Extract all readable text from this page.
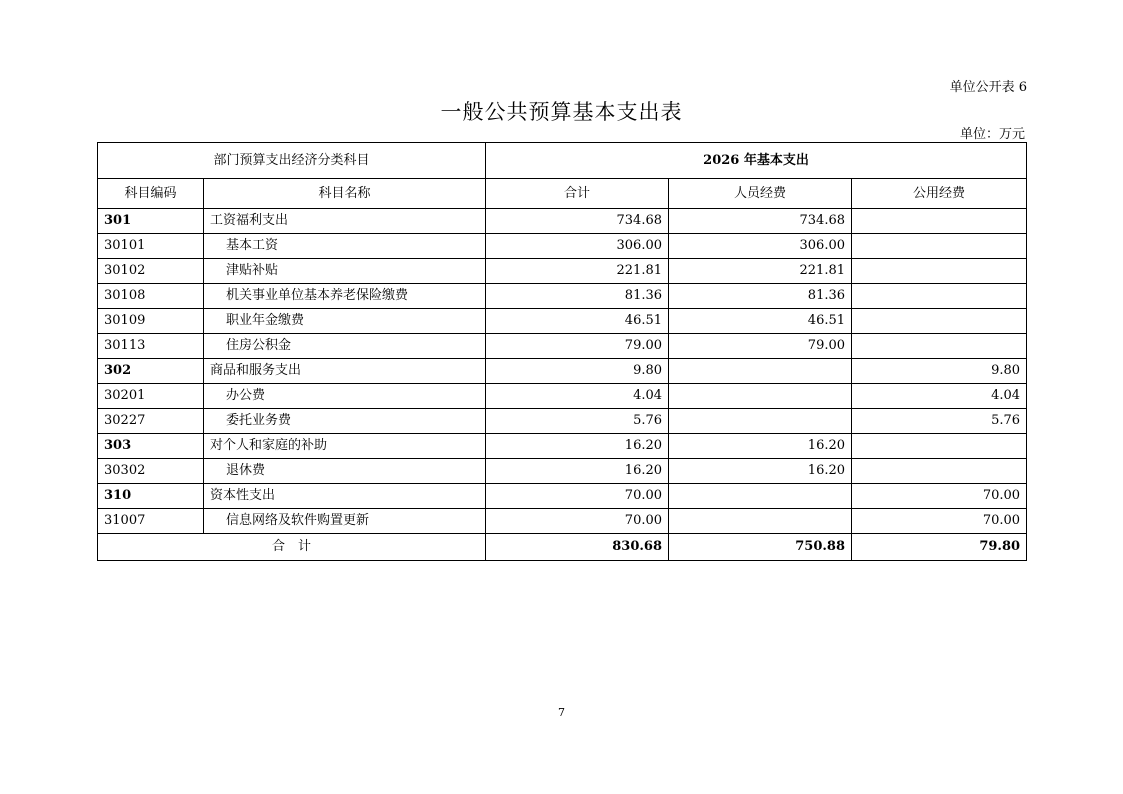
单位公开表 6
一般公共预算基本支出表
单位：万元
部门预算支出经济分类科目		2026 年基本支出		
科目编码	科目名称	合计	人员经费	公用经费
301	工资福利支出	734.68	734.68	
30101	基本工资	306.00	306.00	
30102	津贴补贴	221.81	221.81	
30108	机关事业单位基本养老保险缴费	81.36	81.36	
30109	职业年金缴费	46.51	46.51	
30113	住房公积金	79.00	79.00	
302	商品和服务支出	9.80		9.80
30201	办公费	4.04		4.04
30227	委托业务费	5.76		5.76
303	对个人和家庭的补助	16.20	16.20	
30302	退休费	16.20	16.20	
310	资本性支出	70.00		70.00
31007	信息网络及软件购置更新	70.00		70.00
合　计		830.68	750.88	79.80
7
